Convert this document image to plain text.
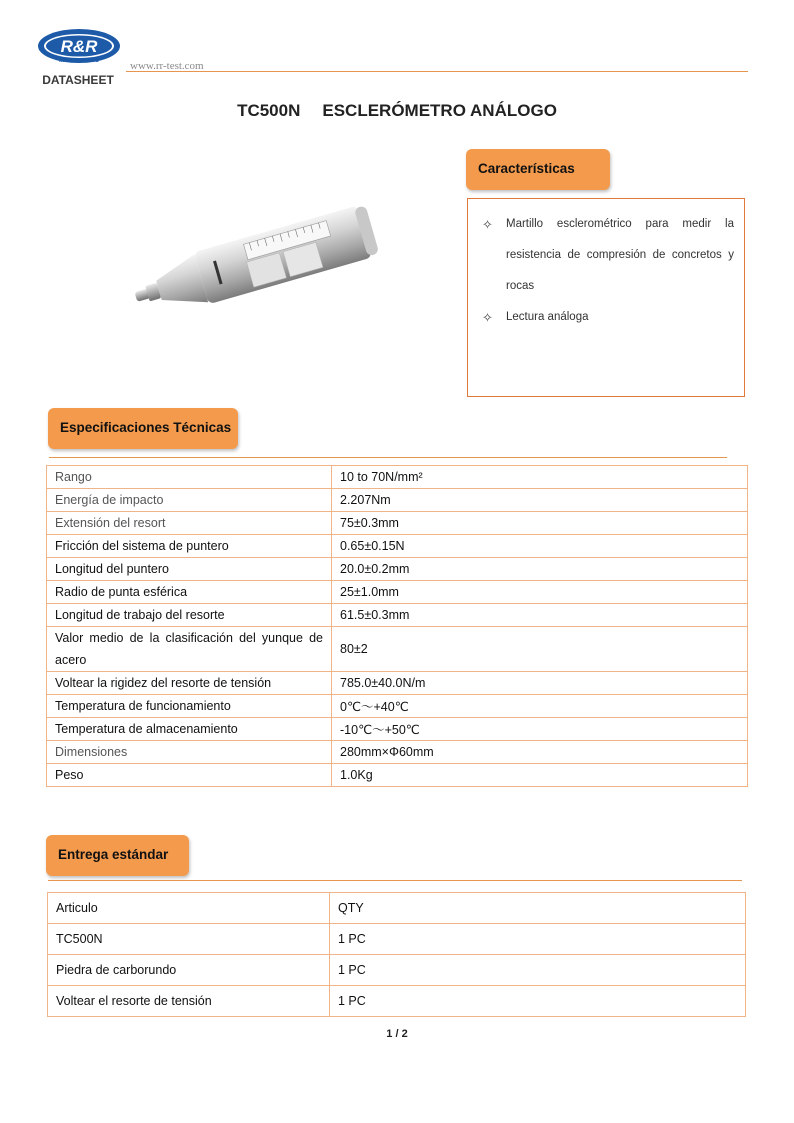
R&R
INSTRUMENTS
DATASHEET
www.rr-test.com
TC500N ESCLERÓMETRO ANÁLOGO
Características
✧	Martillo esclerométrico para medir la resistencia de compresión de concretos y rocas
✧	Lectura análoga
Especificaciones Técnicas
Rango	10 to 70N/mm²
Energía de impacto	2.207Nm
Extensión del resort	75±0.3mm
Fricción del sistema de puntero	0.65±0.15N
Longitud del puntero	20.0±0.2mm
Radio de punta esférica	25±1.0mm
Longitud de trabajo del resorte	61.5±0.3mm
Valor medio de la clasificación del yunque de acero	80±2
Voltear la rigidez del resorte de tensión	785.0±40.0N/m
Temperatura de funcionamiento	0℃～+40℃
Temperatura de almacenamiento	-10℃～+50℃
Dimensiones	280mm×Φ60mm
Peso	1.0Kg
Entrega estándar
Articulo	QTY
TC500N	1 PC
Piedra de carborundo	1 PC
Voltear el resorte de tensión	1 PC
1 / 2
